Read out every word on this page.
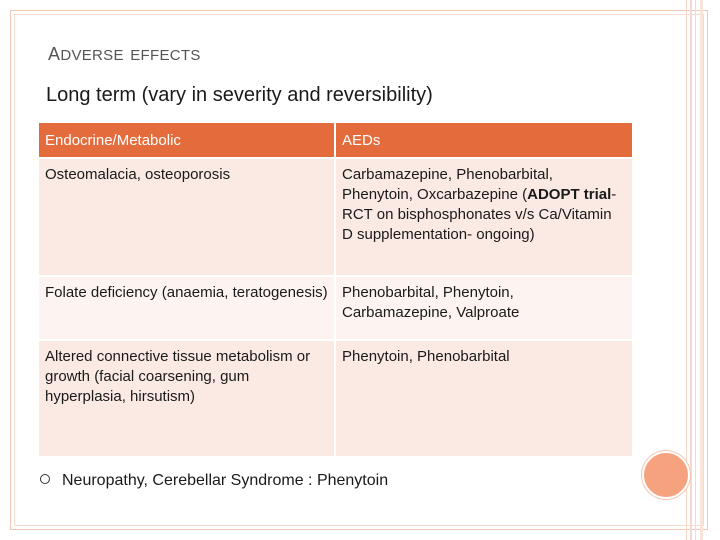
adverse effects
Long term (vary in severity and reversibility)
Endocrine/Metabolic	AEDs
Osteomalacia, osteoporosis	Carbamazepine, Phenobarbital, Phenytoin, Oxcarbazepine (ADOPT trial- RCT on bisphosphonates v/s Ca/Vitamin D supplementation- ongoing)
Folate deficiency (anaemia, teratogenesis)	Phenobarbital, Phenytoin, Carbamazepine, Valproate
Altered connective tissue metabolism or growth (facial coarsening, gum hyperplasia, hirsutism)	Phenytoin, Phenobarbital
Neuropathy, Cerebellar Syndrome : Phenytoin
